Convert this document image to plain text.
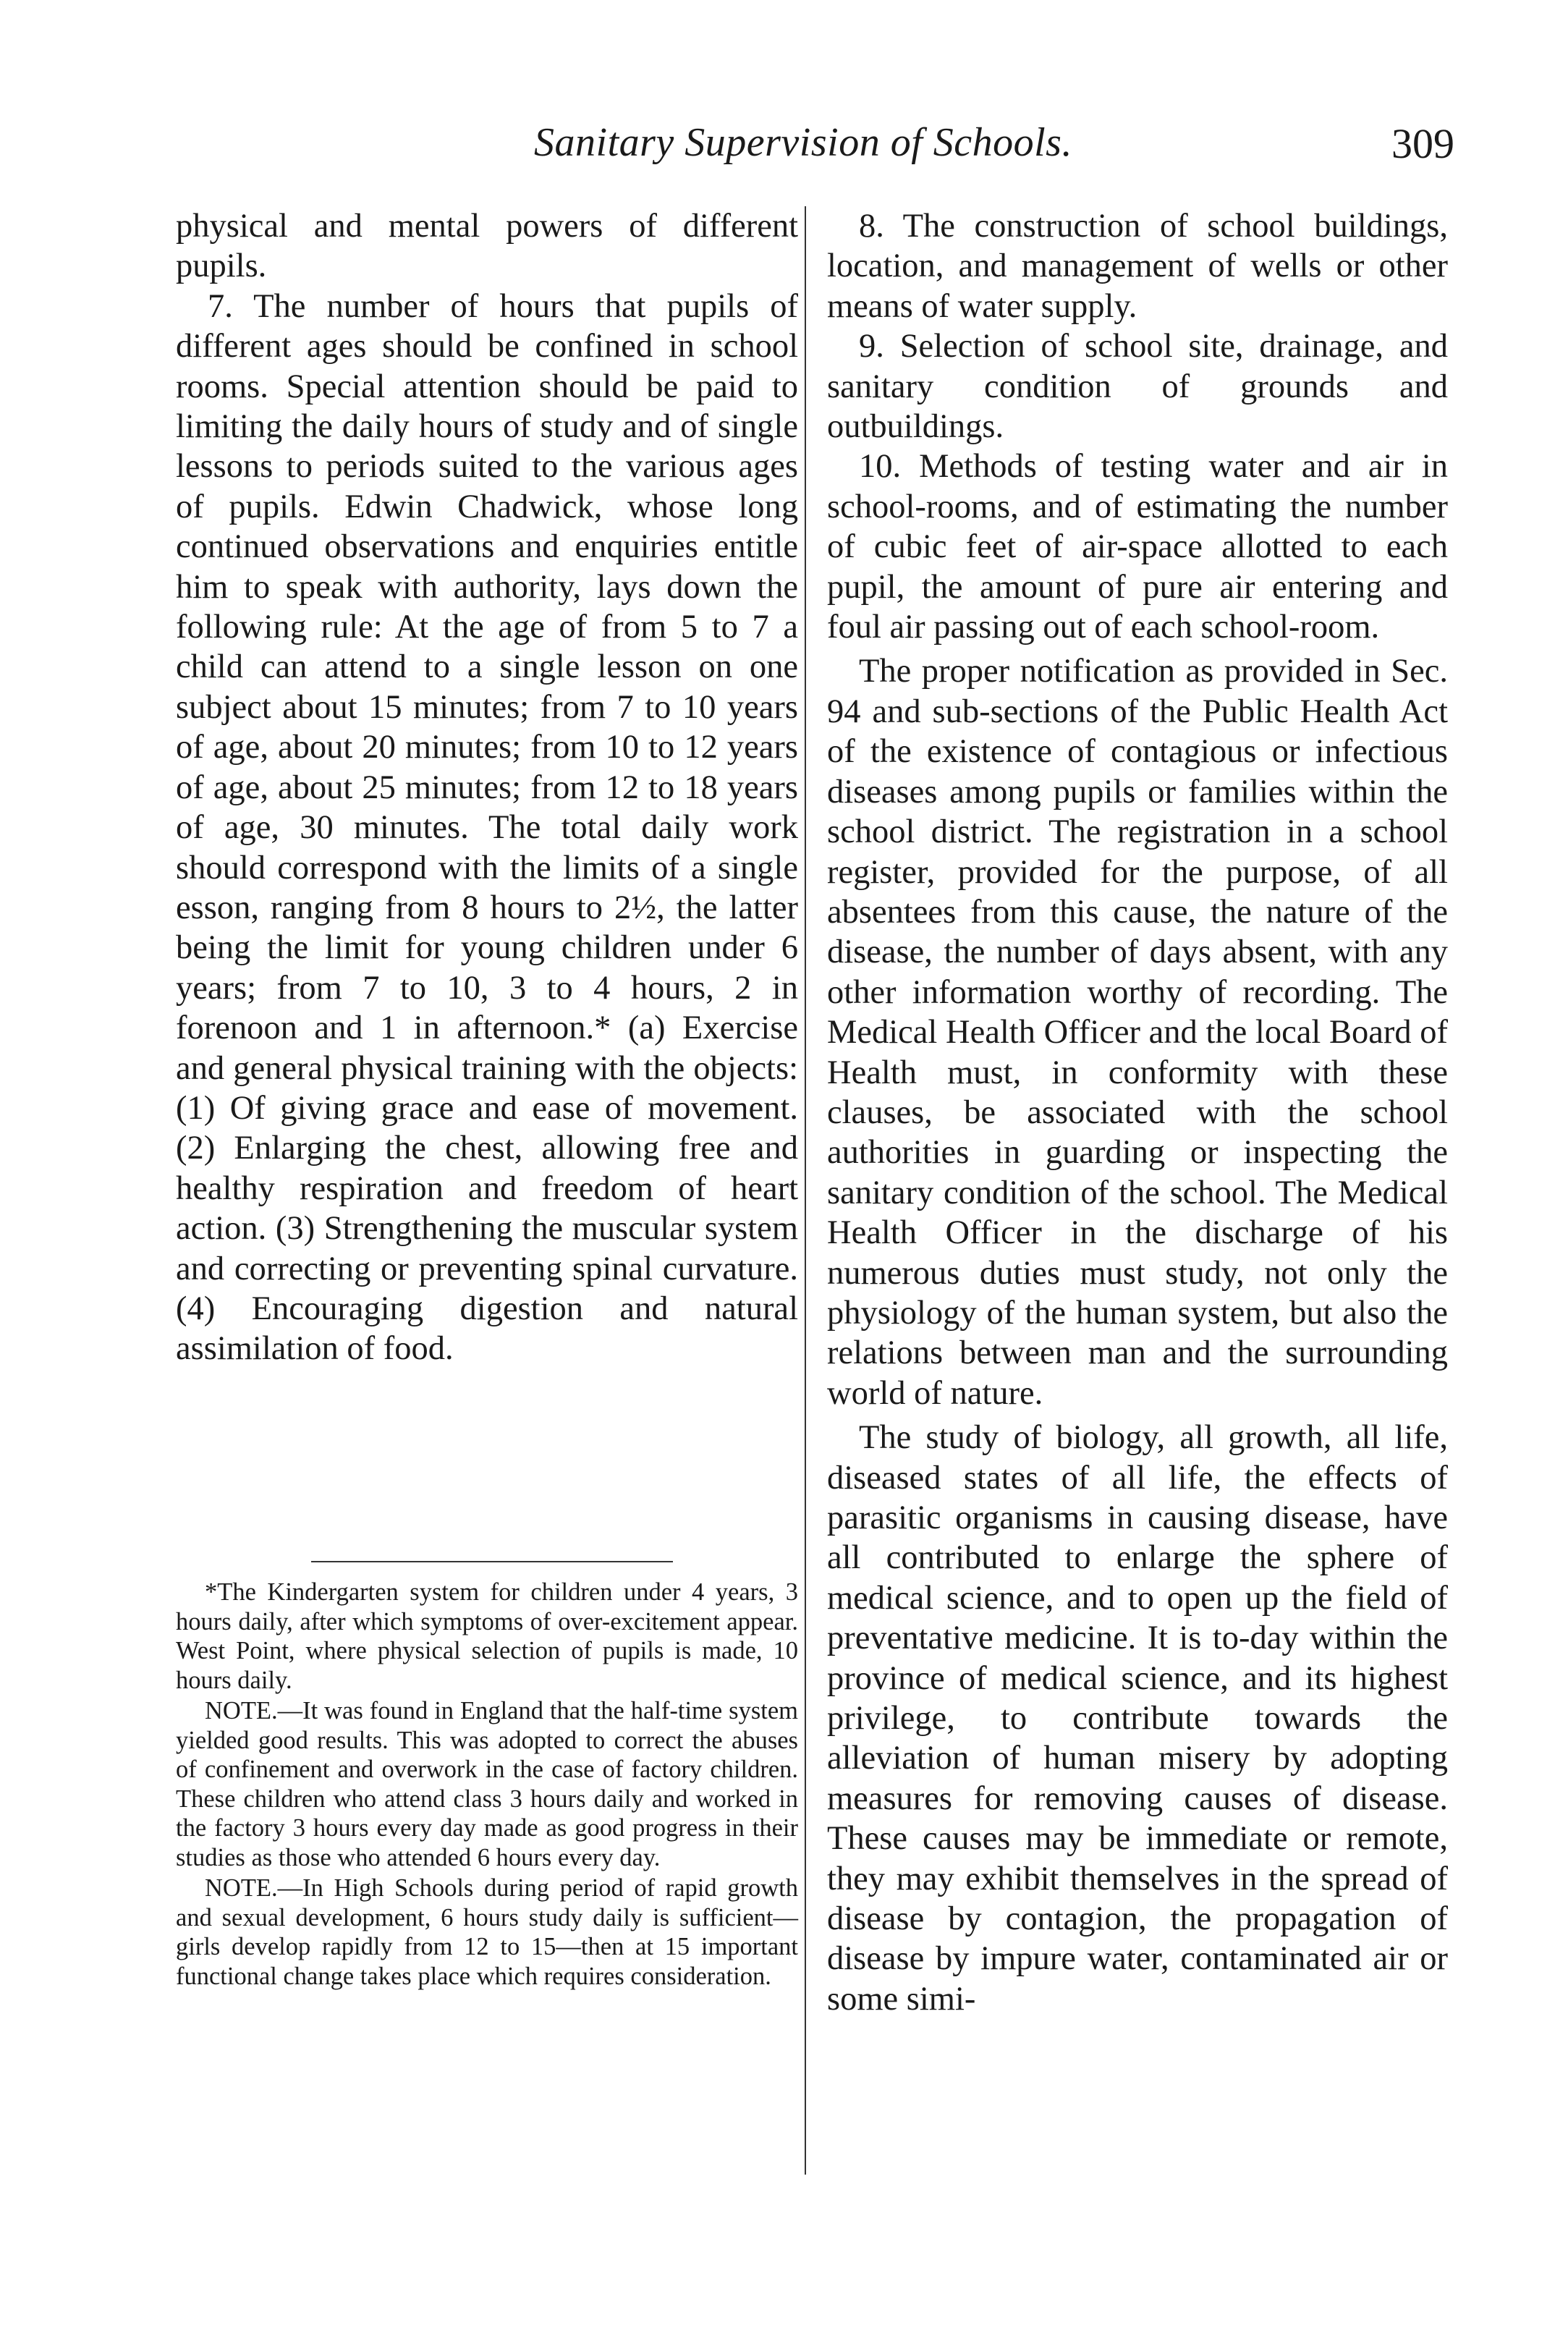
Sanitary Supervision of Schools.	309

physical and mental powers of different pupils.

7. The number of hours that pupils of different ages should be confined in school rooms. Special attention should be paid to limiting the daily hours of study and of single lessons to periods suited to the various ages of pupils. Edwin Chadwick, whose long continued observations and enquiries entitle him to speak with authority, lays down the following rule: At the age of from 5 to 7 a child can attend to a single lesson on one subject about 15 minutes; from 7 to 10 years of age, about 20 minutes; from 10 to 12 years of age, about 25 minutes; from 12 to 18 years of age, 30 minutes. The total daily work should correspond with the limits of a single esson, ranging from 8 hours to 2½, the latter being the limit for young children under 6 years; from 7 to 10, 3 to 4 hours, 2 in forenoon and 1 in afternoon.* (a) Exercise and general physical training with the objects: (1) Of giving grace and ease of movement. (2) Enlarging the chest, allowing free and healthy respiration and freedom of heart action. (3) Strengthening the muscular system and correcting or preventing spinal curvature. (4) Encouraging digestion and natural assimilation of food.

*The Kindergarten system for children under 4 years, 3 hours daily, after which symptoms of over-excitement appear. West Point, where physical selection of pupils is made, 10 hours daily.

NOTE.—It was found in England that the half-time system yielded good results. This was adopted to correct the abuses of confinement and overwork in the case of factory children. These children who attend class 3 hours daily and worked in the factory 3 hours every day made as good progress in their studies as those who attended 6 hours every day.

NOTE.—In High Schools during period of rapid growth and sexual development, 6 hours study daily is sufficient—girls develop rapidly from 12 to 15—then at 15 important functional change takes place which requires consideration.

8. The construction of school buildings, location, and management of wells or other means of water supply.

9. Selection of school site, drainage, and sanitary condition of grounds and outbuildings.

10. Methods of testing water and air in school-rooms, and of estimating the number of cubic feet of air-space allotted to each pupil, the amount of pure air entering and foul air passing out of each school-room.

The proper notification as provided in Sec. 94 and sub-sections of the Public Health Act of the existence of contagious or infectious diseases among pupils or families within the school district. The registration in a school register, provided for the purpose, of all absentees from this cause, the nature of the disease, the number of days absent, with any other information worthy of recording. The Medical Health Officer and the local Board of Health must, in conformity with these clauses, be associated with the school authorities in guarding or inspecting the sanitary condition of the school. The Medical Health Officer in the discharge of his numerous duties must study, not only the physiology of the human system, but also the relations between man and the surrounding world of nature.

The study of biology, all growth, all life, diseased states of all life, the effects of parasitic organisms in causing disease, have all contributed to enlarge the sphere of medical science, and to open up the field of preventative medicine. It is to-day within the province of medical science, and its highest privilege, to contribute towards the alleviation of human misery by adopting measures for removing causes of disease. These causes may be immediate or remote, they may exhibit themselves in the spread of disease by contagion, the propagation of disease by impure water, contaminated air or some simi-
